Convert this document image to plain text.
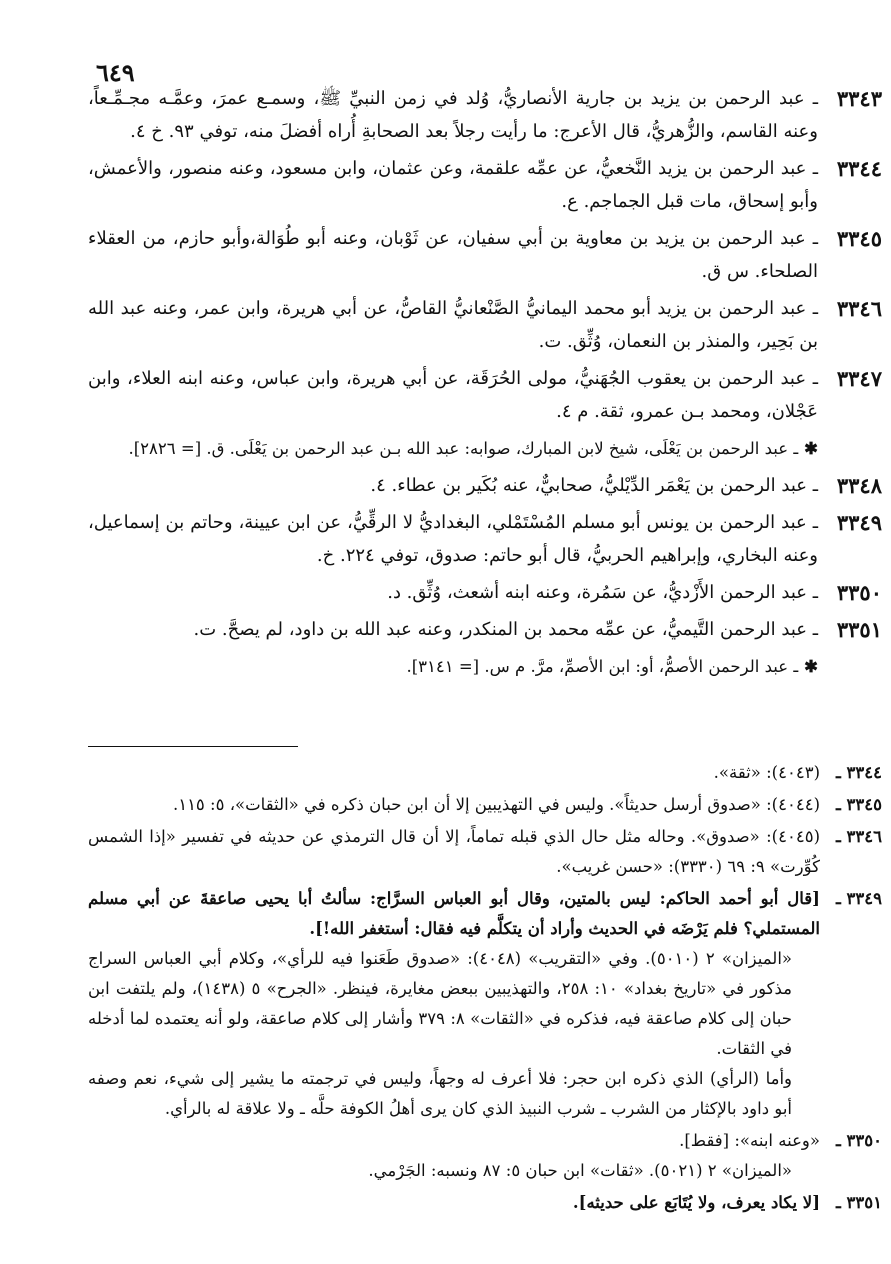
٦٤٩
٣٣٤٣
ـ عبد الرحمن بن يزيد بن جارية الأنصاريُّ، وُلد في زمن النبيِّ ﷺ، وسمـع عمرَ، وعمَّـه مجـمِّـعاً، وعنه القاسم، والزُّهريُّ، قال الأعرج: ما رأيت رجلاً بعد الصحابةِ أُراه أفضلَ منه، توفي ٩٣. خ ٤.
٣٣٤٤
ـ عبد الرحمن بن يزيد النَّخعيُّ، عن عمِّه علقمة، وعن عثمان، وابن مسعود، وعنه منصور، والأعمش، وأبو إسحاق، مات قبل الجماجم. ع.
٣٣٤٥
ـ عبد الرحمن بن يزيد بن معاوية بن أبي سفيان، عن ثَوْبان، وعنه أبو طُوَالة،وأبو حازم، من العقلاء الصلحاء. س ق.
٣٣٤٦
ـ عبد الرحمن بن يزيد أبو محمد اليمانيُّ الصَّنْعانيُّ القاصُّ، عن أبي هريرة، وابن عمر، وعنه عبد الله بن بَحِير، والمنذر بن النعمان، وُثِّق. ت.
٣٣٤٧
ـ عبد الرحمن بن يعقوب الجُهَنيُّ، مولى الحُرَقَة، عن أبي هريرة، وابن عباس، وعنه ابنه العلاء، وابن عَجْلان، ومحمد بـن عمرو، ثقة. م ٤.
✱ـ عبد الرحمن بن يَعْلَى، شيخ لابن المبارك، صوابه: عبد الله بـن عبد الرحمن بن يَعْلَى. ق. [= ٢٨٢٦].
٣٣٤٨
ـ عبد الرحمن بن يَعْمَر الدِّيْليُّ، صحابيٌّ، عنه بُكَير بن عطاء. ٤.
٣٣٤٩
ـ عبد الرحمن بن يونس أبو مسلم المُسْتَمْلي، البغداديُّ لا الرقِّيُّ، عن ابن عيينة، وحاتم بن إسماعيل، وعنه البخاري، وإبراهيم الحربيُّ، قال أبو حاتم: صدوق، توفي ٢٢٤. خ.
٣٣٥٠
ـ عبد الرحمن الأَزْديُّ، عن سَمُرة، وعنه ابنه أشعث، وُثِّق. د.
٣٣٥١
ـ عبد الرحمن التَّيميُّ، عن عمِّه محمد بن المنكدر، وعنه عبد الله بن داود، لم يصحَّ. ت.
✱ـ عبد الرحمن الأصمُّ، أو: ابن الأصمِّ، مرَّ. م س. [= ٣١٤١].
٣٣٤٤ ـ
(٤٠٤٣): «ثقة».
٣٣٤٥ ـ
(٤٠٤٤): «صدوق أرسل حديثاً». وليس في التهذيبين إلا أن ابن حبان ذكره في «الثقات»، ٥: ١١٥.
٣٣٤٦ ـ
(٤٠٤٥): «صدوق». وحاله مثل حال الذي قبله تماماً، إلا أن قال الترمذي عن حديثه في تفسير «إذا الشمس كُوِّرت» ٩: ٦٩ (٣٣٣٠): «حسن غريب».
٣٣٤٩ ـ
[قال أبو أحمد الحاكم: ليس بالمتين، وقال أبو العباس السرَّاج: سألتُ أبا يحيى صاعقةَ عن أبي مسلم المستملي؟ فلم يَرْضَه في الحديث وأراد أن يتكلَّم فيه فقال: أستغفر الله!].
«الميزان» ٢ (٥٠١٠). وفي «التقريب» (٤٠٤٨): «صدوق طَعَنوا فيه للرأي»، وكلام أبي العباس السراج مذكور في «تاريخ بغداد» ١٠: ٢٥٨، والتهذيبين ببعض مغايرة، فينظر. «الجرح» ٥ (١٤٣٨)، ولم يلتفت ابن حبان إلى كلام صاعقة فيه، فذكره في «الثقات» ٨: ٣٧٩ وأشار إلى كلام صاعقة، ولو أنه يعتمده لما أدخله في الثقات.
وأما (الرأي) الذي ذكره ابن حجر: فلا أعرف له وجهاً، وليس في ترجمته ما يشير إلى شيء، نعم وصفه أبو داود بالإكثار من الشرب ـ شرب النبيذ الذي كان يرى أهلُ الكوفة حلَّه ـ ولا علاقة له بالرأي.
٣٣٥٠ ـ
«وعنه ابنه»: [فقط].
«الميزان» ٢ (٥٠٢١). «ثقات» ابن حبان ٥: ٨٧ ونسبه: الجَرْمي.
٣٣٥١ ـ
[لا يكاد يعرف، ولا يُتَابَع على حديثه].
